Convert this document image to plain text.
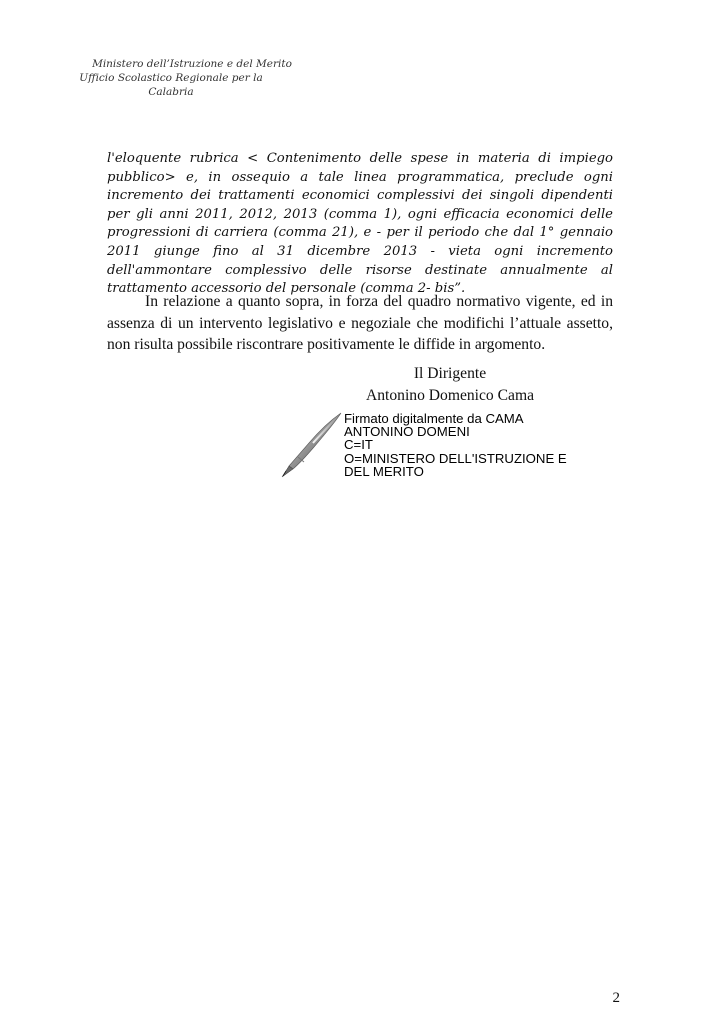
Ministero dell’Istruzione e del Merito
Ufficio Scolastico Regionale per la Calabria
l'eloquente rubrica < Contenimento delle spese in materia di impiego pubblico> e, in ossequio a tale linea programmatica, preclude ogni incremento dei trattamenti economici complessivi dei singoli dipendenti per gli anni 2011, 2012, 2013 (comma 1), ogni efficacia economici delle progressioni di carriera (comma 21), e - per il periodo che dal 1° gennaio 2011 giunge fino al 31 dicembre 2013 - vieta ogni incremento dell'ammontare complessivo delle risorse destinate annualmente al trattamento accessorio del personale (comma 2- bis”.
In relazione a quanto sopra, in forza del quadro normativo vigente, ed in assenza di un intervento legislativo e negoziale che modifichi l’attuale assetto, non risulta possibile riscontrare positivamente le diffide in argomento.
Il Dirigente
Antonino Domenico Cama
Firmato digitalmente da CAMA
ANTONINO DOMENI
C=IT
O=MINISTERO DELL'ISTRUZIONE E
DEL MERITO
2
